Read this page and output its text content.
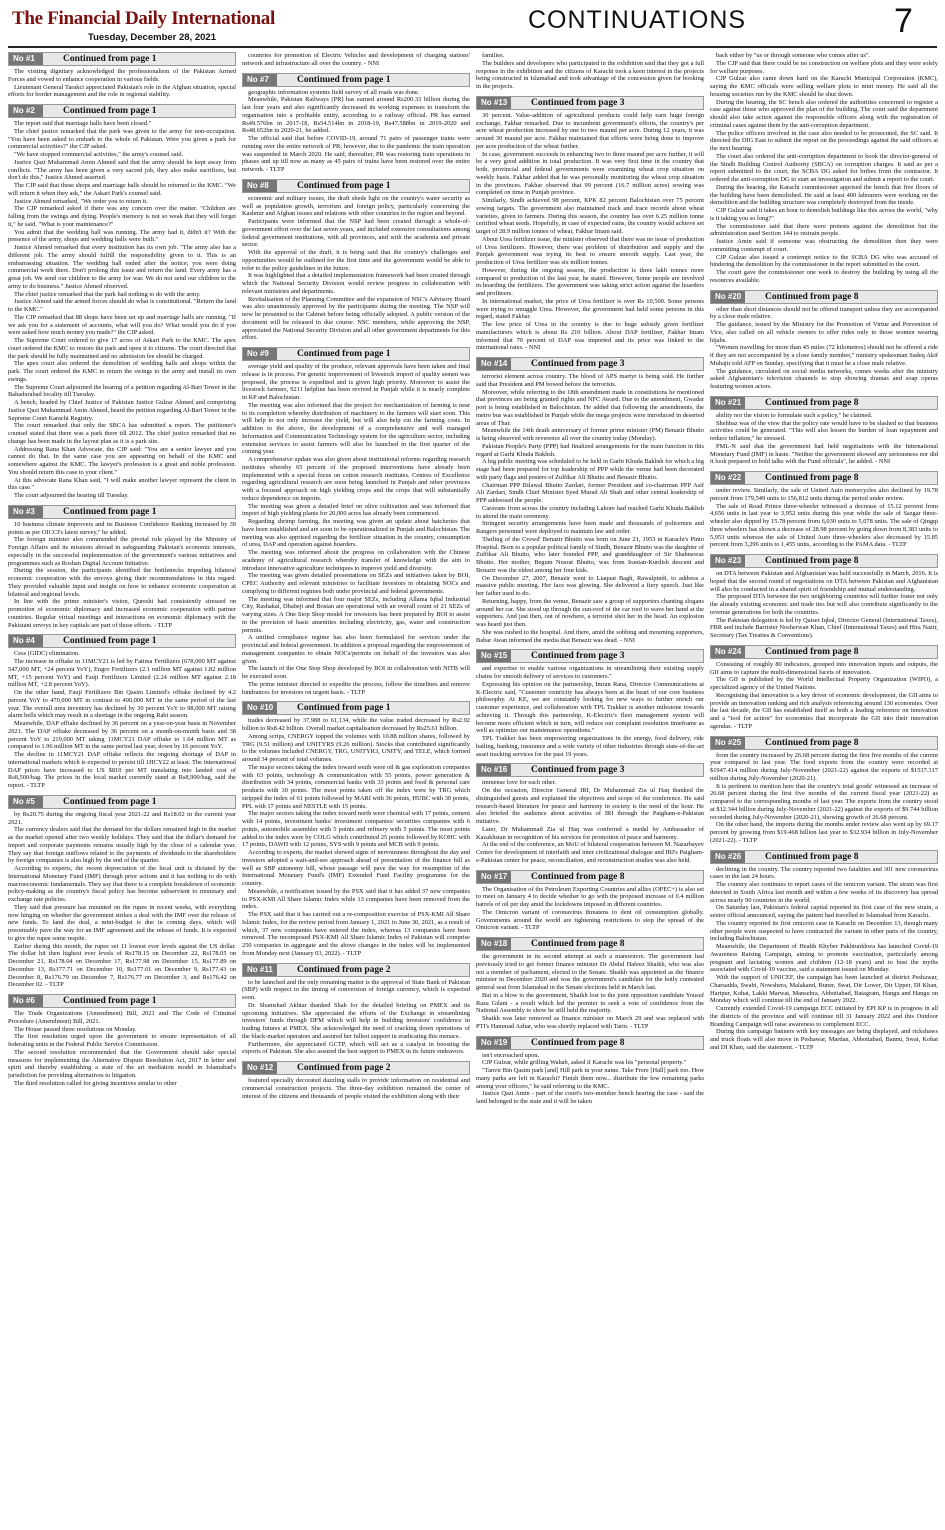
The Financial Daily International
Tuesday, December 28, 2021
CONTINUATIONS	7
No #1	Continued from page 1

The visiting dignitary acknowledged the professionalism of the Pakistan Armed Forces and vowed to enhance cooperation in various fields.

Lieutenant General Tarakci appreciated Pakistan's role in the Afghan situation, special efforts for border management and the role in regional stability.

No #2	Continued from page 1

The report said that marriage halls have been closed."

The chief justice remarked that the park was given to the army for non-occupation. "You have been asked to embark to the whole of Pakistan. Were you given a park for commercial activities?" the CJP asked.

"We have stopped commercial activities," the army's counsel said.

Justice Qazi Muhammad Amin Ahmed said that the army should be kept away from conflicts. "The army has been given a very sacred job, they also make sacrifices, but don't do this," Justice Ahmed asserted.

The CJP said that these shops and marriage halls should be returned to the KMC. "We will return it when they ask," the Askari Park's counsel said.

Justice Ahmed remarked, "We order you to return it.

The CJP remarked asked if there was any concern over the matter. "Children are falling from the swings and dying. People's memory is not so weak that they will forget it," he said. "What is your maintenance?"

You admit that the wedding hall was running. The army had it, didn't it? With the presence of the army, shops and wedding halls were built."

Justice Ahmed remarked that every institution has its own job. "The army also has a different job. The army should fulfill the responsibility given to it. This is an embarrassing situation. The wedding hall ended after the notice; you were doing commercial work there. Don't prolong this issue and return the land. Every army has a great job. We send our children to the army for war. We do not send our children to the army to do business." Justice Ahmed observed.

The chief justice remarked that the park had nothing to do with the army.

Justice Ahmed said the armed forces should do what is constitutional. "Return the land to the KMC."

The CJP remarked that 88 shops have been set up and marriage halls are running. "If we ask you for a statement of accounts, what will you do? What would you do if you were asked how much money you made?" the CJP asked.

The Supreme Court ordered to give 17 acres of Askari Park to the KMC. The apex court ordered the KMC to restore the park and open it to citizens. The court directed that the park should be fully maintained and no admission fee should be charged.

The apex court also ordered the demolition of wedding halls and shops within the park. The court ordered the KMC to return the swings to the army and install its own swings.

The Supreme Court adjourned the hearing of a petition regarding Al-Bari Tower in the Bahadurabad locality till Tuesday.

A bench, headed by Chief Justice of Pakistan Justice Gulzar Ahmed and comprising Justice Qazi Muhammad Amin Ahmed, heard the petition regarding Al-Bari Tower in the Supreme Court Karachi Registry.

The court remarked that only the SBCA has submitted a report. The petitioner's counsel stated that there was a park there till 2012. The chief justice remarked that no change has been made in the layout plan as it is a park site.

Addressing Rana Khan Advocate, the CJP said: "You are a senior lawyer and you cannot do that. In the same case you are appearing on behalf of the KMC and somewhere against the KMC. The lawyer's profession is a great and noble profession. You should return this case to your client."

At this advocate Rana Khan said, "I will make another lawyer represent the client in this case."

The court adjourned the hearing till Tuesday.

No #3	Continued from page 1

10 business climate improvers and its Business Confidence Ranking increased by 39 points as per OICCI's latest survey," he added.

The foreign minister also commended the pivotal role played by the Ministry of Foreign Affairs and its missions abroad in safeguarding Pakistan's economic interests, especially in the successful implementation of the government's various initiatives and programmes such as Roshan Digital Account Initiative.

During the session, the participants identified the bottlenecks impeding bilateral economic cooperation with the envoys giving their recommendations in this regard. They provided valuable input and insight on how to enhance economic cooperation at bilateral and regional levels.

In line with the prime minister's vision, Qureshi had consistently stressed on promotion of economic diplomacy and increased economic cooperation with partner countries. Regular virtual meetings and interactions on economic diplomacy with the Pakistani envoys in key capitals are part of those efforts. - TLTP

No #4	Continued from page 1

Cess (GIDC) elimination.

The increase in offtake in 11MCY21 is led by Fatima Fertilizers (678,000 MT against 547,000 MT, +24 percent YoY), Engro Fertilizers (2.1 million MT against 1.82 million MT, +15 percent YoY) and Fauji Fertilizers Limited (2.24 million MT against 2.18 million MT, +2.8 percent YoY).

On the other hand, Fauji Fertilizers Bin Qasim Limited's offtake declined by 4.2 percent YoY to 470,000 MT in contrast to 490,000 MT in the same period of the last year. The overall urea inventory has declined by 30 percent YoY to 98,000 MT raising alarm bells which may result in a shortage in the ongoing Rabi season.

Meanwhile, DAP offtake declined by 36 percent on a year-on-year basis in November 2021. The DAP offtake decreased by 36 percent on a month-on-month basis and 38 percent YoY to 219,000 MT taking 11MCY21 DAP offtake to 1.64 million MT as compared to 1.96 million MT in the same period last year, down by 16 percent YoY.

The decline in 11MCY21 DAP offtake reflects the ongoing shortage of DAP in international markets which is expected to persist till 1HCY22 at least. The international DAP prices have increased to US $810 per MT translating into landed cost of Rs8,500/bag. The prices in the local market currently stand at Rs8,900/bag, said the report. - TLTP

No #5	Continued from page 1

by Rs20.75 during the ongoing fiscal year 2021-22 and Rs18.02 in the current year 2021.

The currency dealers said that the demand for the dollars remained high in the market as the market opened after two weekly holidays. They said that the dollar's demand for import and corporate payments remains usually high by the close of a calendar year. They say that foreign outflows related to the payments of dividends to the shareholders by foreign companies is also high by the end of the quarter.

According to experts, the recent depreciation of the local unit is dictated by the International Monetary Fund (IMF) through prior actions and it has nothing to do with macroeconomic fundamentals. They say that there is a complete breakdown of economic policy-making as the country's fiscal policy has become subservient to monetary and exchange rate policies.

They said that pressure has mounted on the rupee in recent weeks, with everything now hinging on whether the government strikes a deal with the IMF over the release of new funds. To land the deal, a mini-budget is due in coming days, which will presumably pave the way for an IMF agreement and the release of funds. It is expected to give the rupee some respite.

Earlier during this month, the rupee set 11 lowest ever levels against the US dollar. The dollar hit then highest ever levels of Rs178.15 on December 22, Rs178.05 on December 21, Rs178.04 on December 17, Rs177.98 on December 15, Rs177.89 on December 13, Rs177.71 on December 10, Rs177.61 on December 9, Rs177.43 on December 8, Rs176.79 on December 7, Rs176.77 on December 3, and Rs176.42 on December 02. - TLTP

No #6	Continued from page 1

The Trade Organizations (Amendment) Bill, 2021 and The Code of Criminal Procedure (Amendment) Bill, 2021.

The House passed three resolutions on Monday.

The first resolution urged upon the government to ensure representation of all federating units in the Federal Public Service Commission.

The second resolution recommended that the Government should take special measures for implementing the Alternative Dispute Resolution Act, 2017 in letter and spirit and thereby establishing a state of the art mediation model in Islamabad's jurisdiction for providing alternatives to litigation.

The third resolution called for giving incentives similar to other

countries for promotion of Electric Vehicles and development of charging stations' network and infrastructure all over the country. - NNI

No #7	Continued from page 1

geographic information systems field survey of all roads was done.

Meanwhile, Pakistan Railways (PR) has earned around Rs200.33 billion during the last four years and also significantly decreased its working expenses to transform the organisation into a profitable entity, according to a railway official. PR has earned Rs49.576bn in 2017-18, Rs54.514bn in 2018-19, Rs47.588bn in 2019-2020 and Rs48.652bn in 2020-21, he added.

The official said that before COVID-19, around 71 pairs of passenger trains were running over the entire network of PR; however, due to the pandemic the train operation was suspended in March 2020. He said, thereafter, PR was restoring train operations in phases and up till now as many as 45 pairs of trains have been restored over the entire network. - TLTP

No #8	Continued from page 1

economic and military issues, the draft sheds light on the country's water security as well as population growth, terrorism and foreign policy, particularly concerning the Kashmir and Afghan issues and relations with other countries in the region and beyond.

Participants were informed that the NSP had been created through a whole-of-government effort over the last seven years, and included extensive consultations among federal government institutions, with all provinces, and with the academia and private sector.

With the approval of the draft, it is being said that the country's challenges and opportunities would be outlined for the first time and the government would be able to refer to the policy guidelines in the future.

It was highlighted that a detailed implementation framework had been created through which the National Security Division would review progress in collaboration with relevant ministries and departments.

Revitalisation of the Planning Committee and the expansion of NSC's Advisory Board was also unanimously approved by the participants during the meeting. The NSP will now be presented to the Cabinet before being officially adopted. A public version of the document will be released in due course. NSC members, while approving the NSP, appreciated the National Security Division and all other government departments for this effort.

No #9	Continued from page 1

average yield and quality of the produce, relevant approvals have been taken and final release is in process. For genetic improvement of livestock import of quality semen was proposed, the process is expedited and is given high priority. Moreover to assist the livestock farmers, 9211 helpline has been revived in Punjab while it is nearly complete in KP and Balochistan.

The meeting was also informed that the project for mechanization of farming is near to its completion whereby distribution of machinery to the farmers will start soon. This will help to not only increase the yield, but will also help cut the farming costs. In addition to the above, the development of a comprehensive and well managed Information and Communication Technology system for the agriculture sector, including extension services to assist farmers will also be launched in the first quarter of the coming year.

A comprehensive update was also given about institutional reforms regarding research institutes whereby 65 percent of the proposed interventions have already been implemented with a special focus on cotton research institutes. Centres of Excellence regarding agricultural research are soon being launched in Punjab and other provinces with a focused approach on high yielding crops and the crops that will substantially reduce dependence on imports.

The meeting was given a detailed brief on olive cultivation and was informed that import of high yielding plants for 20,000 acres has already been commenced.

Regarding shrimp farming, the meeting was given an update about hatcheries that have been established and are soon to be operationalized in Punjab and Balochistan. The meeting was also apprised regarding the fertilizer situation in the country, consumption of urea, DAP and operation against hoarders.

The meeting was informed about the progress on collaboration with the Chinese academy of agricultural research whereby transfer of knowledge with the aim to introduce innovative agriculture techniques to improve yield and diversity.

The meeting was given detailed presentations on SEZs and initiatives taken by BOI, CPEC Authority and relevant ministries to facilitate investors in obtaining NOCs and complying to different regimes both under provincial and federal governments.

The meeting was informed that four major SEZs, including Allama Iqbal Industrial City, Rashakai, Dhabeji and Bostan are operational with an overall count of 21 SEZs of varying sizes. A One Stop Shop model for investors has been prepared by BOI to assist in the provision of basic amenities including electricity, gas, water and construction permits.

A unified compliance regime has also been formulated for services under the provincial and federal government. In addition a proposal regarding the empowerment of management companies to obtain NOCs/permits on behalf of the investors was also given.

The launch of the One Stop Shop developed by BOI in collaboration with NITB will be executed soon.

The prime minister directed to expedite the process, follow the timelines and remove hindrances for investors on urgent basis. - TLTP

No #10	Continued from page 1

trades decreased by 37,988 to 61,134, while the value traded decreased by Rs2.92 billion to Rs8.42 billion. Overall market capitalisation decreased by Rs25.61 billion.

Among scrips, CNERGY topped the volumes with 10.88 million shares, followed by TRG (9.51 million) and UNITYRS (9.26 million). Stocks that contributed significantly to the volumes included CNERGY, TRG, UNITYR3, UNITY, and TELE, which formed around 34 percent of total volumes.

The major sectors taking the index toward south were oil & gas exploration companies with 63 points, technology & communication with 55 points, power generation & distribution with 34 points, commercial banks with 33 points and food & personal care products with 30 points. The most points taken off the index were by TRG which stripped the index of 61 points followed by MARI with 36 points, HUBC with 30 points, PPL with 17 points and NESTLE with 15 points.

The major sectors taking the index toward north were chemical with 17 points, cement with 14 points, investment banks/ investment companies/ securities companies with 6 points, automobile assembler with 5 points and refinery with 5 points. The most points added to the index were by COLG which contributed 25 points followed by KOHC with 17 points, DAWH with 12 points, SYS with 9 points and MCB with 9 points.

According to experts, the market showed signs of nervousness throughout the day and investors adopted a wait-and-see approach ahead of presentation of the finance bill as well as SBP autonomy bill, whose passage will pave the way for resumption of the International Monetary Fund's (IMF) Extended Fund Facility programme for the country.

Meanwhile, a notification issued by the PSX said that it has added 37 new companies to PSX-KMI All Share Islamic Index while 13 companies have been removed from the index.

The PSX said that it has carried out a re-composition exercise of PSX-KMI All Share Islamic Index, for the review period from January 1, 2021 to June 30, 2021, as a result of which, 37 new companies have entered the index, whereas 13 companies have been removed. The recomposed PSX-KMI All Share Islamic Index of Pakistan will comprise 250 companies in aggregate and the above changes in the index will be implemented from Monday next (January 03, 2022). - TLTP

No #11	Continued from page 2

to be launched and the only remaining matter is the approval of State Bank of Pakistan (SBP) with respect to the timing of conversion of foreign currency, which is expected soon.

Dr. Shamshad Akhtar thanked Shah for the detailed briefing on PMEX and its upcoming initiatives. She appreciated the efforts of the Exchange in streamlining investors' funds through DFM which will help in building investors' confidence in trading futures at PMEX. She acknowledged the need of cracking down operations of the black-market operators and assured her fullest support in eradicating this menace.

Furthermore, she appreciated GCTP, which will act as a catalyst in boosting the exports of Pakistan. She also assured the best support to PMEX in its future endeavors.

No #12	Continued from page 2

featured specially decorated dazzling stalls to provide information on residential and commercial construction projects. The three-day exhibition remained the center of interest of the citizens and thousands of people visited the exhibition along with their

families.

The builders and developers who participated in the exhibition said that they got a full response in the exhibition and the citizens of Karachi took a keen interest in the projects being constructed in Islamabad and took advantage of the concession given for booking in the projects.

No #13	Continued from page 3

30 percent. Value-addition of agricultural products could help earn huge foreign exchange, Fakhar remarked. Due to incumbent government's efforts, the country's per acre wheat production increased by one to two maund per acre. During 12 years, it was around 30 maund per acre. Fakhar maintained that efforts were being done to improve per acre production of the wheat further.

In case, government succeeds in enhancing two to three maund per acre further, it will be a very good addition in total production. It was very first time in the country that both, provincial and federal governments were examining wheat crop situation on weekly basis. Fakhar added that he was personally monitoring the wheat crop situation in the provinces. Fakhar observed that 99 percent (16.7 million acres) sowing was completed on time in Punjab province.

Similarly, Sindh achieved 98 percent, KPK 82 percent Balochistan over 75 percent sowing targets. The government also maintained track and trace records about wheat varieties, given to farmers. During this season, the country has over 6.25 million tonne certified wheat seeds. Hopefully, in case of expected rains, the country would achieve set target of 28.9 million tonnes of wheat, Fakhar Imam said.

About Urea fertilizer issue, the minister observed that there was no issue of production of Urea fertilizers. However, there was problem of distribution and supply and the Punjab government was trying its best to ensure smooth supply. Last year, the production of Urea fertilizer was six million tonnes.

However, during the ongoing season, the production is three lakh tonnes more compared to production of the last year, he stated. However, Some people are involved in hoarding the fertilizers. The government was taking strict action against the hoarders and profiteers.

In international market, the price of Urea fertilizer is over Rs 10,500. Some persons were trying to smuggle Urea. However, the government had held some persons in this regard, stated Fakhar.

The low price of Urea in the country is due to huge subsidy given fertilizer manufacturers which is about Rs 210 billion. About DAP fertilizer, Fakhar Imam informed that 70 percent of DAP was imported and its price was linked to the international rates. - NNI

No #14	Continued from page 3

terrorist element across country. The blood of APS martyr is being sold. He further said that President and PM bowed before the terrorists.

Moreover, while referring to the 18th amendment made in constitutions he mentioned that provinces are being granted rights and NFC Award. Due to the amendment, Gwadar port is being established in Balochistan. He added that following the amendments, the metro bus was established in Punjab while the mega projects were introduced in deserted areas of Thar.

Meanwhile the 14th death anniversary of former prime minister (PM) Benazir Bhutto is being observed with reverence all over the country today (Monday).

Pakistan People's Party (PPP) had finalized arrangements for the main function in this regard at Garhi Khuda Bakhsh.

A big public meeting was scheduled to be held in Garhi Khuda Bakhsh for which a big stage had been prepared for top leadership of PPP while the venue had been decorated with party flags and posters of Zulfikar Ali Bhutto and Benazir Bhutto.

Chairman PPP Bilawal Bhutto Zardari, former President and co-chairman PPP Asif Ali Zardari, Sindh Chief Minister Syed Murad Ali Shah and other central leadership of PPP addressed the people.

Caravans from across the country including Lahore had reached Garhi Khuda Bakhsh to attend the main ceremony.

Stringent security arrangements have been made and thousands of policemen and Rangers personnel were deployed to maintain law and order.

'Darling of the Crowd' Benazir Bhutto was born on June 21, 1953 in Karachi's Pinto Hospital. Born to a popular political family of Sindh, Benazir Bhutto was the daughter of Zulfikar Ali Bhutto, who later founded PPP, and granddaughter of Sir Shahnawaz Bhutto. Her mother, Begum Nusrat Bhutto, was from Iranian-Kurdish descent and Benazir was the eldest among her four kids.

On December 27, 2007, Benazir went to Liaquat Bagh, Rawalpindi, to address a massive public meeting. Her face was glowing. She delivered a fiery speech. Just like her father used to do.

Returning, happy, from the venue, Benazir saw a group of supporters chanting slogans around her car. She stood up through the sun-roof of the car roof to wave her hand at the supporters. And just then, out of nowhere, a terrorist shot her in the head. An explosion was heard just then.

She was rushed to the hospital. And there, amid the sobbing and mourning supporters, Babar Awan informed the media that Benazir was dead. - NNI

No #15	Continued from page 3

and expertise to enable various organizations in streamlining their existing supply chains for smooth delivery of services to customers."

Expressing his opinion on the partnership, Imran Rana, Director Communications at K-Electric said, "Customer centricity has always been at the heart of our core business philosophy. At KE, we are constantly looking for new ways to further enrich our customer experience, and collaboration with TPL Trakker is another milestone towards achieving it. Through this partnership, K-Electric's fleet management system will become more efficient which in turn, will reduce our complaint resolution timeframe as well as optimize our maintenance operations."

TPL Trakker has been empowering organizations in the energy, food delivery, ride hailing, banking, insurance and a wide variety of other industries through state-of-the-art asset tracking services for the past 19 years.

No #16	Continued from page 3

immense love for each other.

On the occasion, Director General IRI, Dr Muhammad Zia ul Haq thanked the distinguished guests and explained the objectives and scope of the conference. He said research-based literature for peace and harmony in society is the need of the hour. He also briefed the audience about activities of IRI through the Paigham-e-Pakistan initiative.

Later, Dr Muhammad Zia ul Haq was conferred a medal by Ambassador of Kazakhstan in recognition of his services for promotion of peace and harmony.

At the end of the conference, an MoU of bilateral cooperation between M. Nazarbayev Centre for development of interfaith and inter civilizational dialogue and IRI's Paigham-e-Pakistan center for peace, reconciliation, and reconstruction studies was also held.

No #17	Continued from page 8

The Organisation of the Petroleum Exporting Countries and allies (OPEC+) is also set to meet on January 4 to decide whether to go with the proposed increase of 0.4 million barrels of oil per day amid the lockdowns imposed in different countries.

The Omicron variant of coronavirus threatens to dent oil consumption globally. Governments around the world are tightening restrictions to stop the spread of the Omicron variant. - TLTP

No #18	Continued from page 8

the government in its second attempt at such a manoeuvre. The government had previously tried to get former finance minister Dr Abdul Hafeez Shaikh, who was also not a member of parliament, elected to the Senate. Shaikh was appointed as the finance minister in December 2020 and was the government's candidate for the hotly contested general seat from Islamabad in the Senate elections held in March last.

But in a blow to the government, Shaikh lost to the joint opposition candidate Yousuf Raza Gilani - a result which led the premier to seek a vote of confidence from the National Assembly to show he still held the majority.

Shaikh was later removed as finance minister on March 29 and was replaced with PTI's Hammad Azhar, who was shortly replaced with Tarin. - TLTP

No #19	Continued from page 8

isn't encroached upon.

CJP Gulzar, while grilling Wahab, asked if Karachi was his "personal property."

"Tanvir Bin Qasim park [and] Hill park in your name. Take Frere [Hall] park too. How many parks are left in Karachi? Finish them now... distribute the few remaining parks among your officers," he said referring to the KMC.

Justice Qazi Amin - part of the court's two-member bench hearing the case - said the land belonged to the state and it will be taken

back either by "us or through someone who comes after us".

The CJP said that there could be no construction on welfare plots and they were solely for welfare purposes.

CJP Gulzar also came down hard on the Karachi Municipal Corporation (KMC), saying the KMC officials were selling welfare plots to mint money. He said all the housing societies run by the KMC should be shut down.

During the hearing, the SC bench also ordered the authorities concerned to register a case against those who approved the plan of the building. The court said the department should also take action against the responsible officers along with the registration of criminal cases against them by the anti-corruption department.

The police officers involved in the case also needed to be prosecuted, the SC said. It directed the DIG East to submit the report on the proceedings against the said officers at the next hearing.

The court also ordered the anti-corruption department to book the director-general of the Sindh Building Control Authority (SBCA) on corruption charges. It said as per a report submitted to the court, the SCBA DG asked for bribes from the contractor. It ordered the anti-corruption DG to start an investigation and submit a report to the court.

During the hearing, the Karachi commissioner apprised the bench that five floors of the building have been demolished. He said at least 400 labourers were working on the demolition and the building structure was completely destroyed from the inside.

CJP Gulzar said it takes an hour to demolish buildings like this across the world, "why is it taking you so long?"

The commissioner said that there were protests against the demolition but the administration used Section 144 to restrain people.

Justice Amin said if someone was obstructing the demolition then they were committing contempt of court.

CJP Gulzar also issued a contempt notice to the SCBA DG who was accused of hindering the demolition by the commissioner in the report submitted to the court.

The court gave the commissioner one week to destroy the building by using all the resources available.

No #20	Continued from page 8

other than short distances should not be offered transport unless they are accompanied by a close male relative.

The guidance, issued by the Ministry for the Promotion of Virtue and Prevention of Vice, also called on all vehicle owners to offer rides only to those women wearing hijabs.

"Women travelling for more than 45 miles (72 kilometres) should not be offered a ride if they are not accompanied by a close family member," ministry spokesman Sadeq Akif Muhajir told AFP on Sunday, specifying that it must be a close male relative.

The guidance, circulated on social media networks, comes weeks after the ministry asked Afghanistan's television channels to stop showing dramas and soap operas featuring women actors.

No #21	Continued from page 8

ability nor the vision to formulate such a policy," he claimed.

Shehbaz was of the view that the policy rate would have to be slashed so that business activities could be generated. "This will also lessen the burden of loan repayment and reduce inflation," he stressed.

PML-N said that the government had held negotiations with the International Monetary Fund (IMF) in haste. "Neither the government showed any seriousness nor did it look prepared to hold talks with the Fund officials", he added. - NNI

No #22	Continued from page 8

under review. Similarly, the sale of United Auto motorcycles also declined by 19.78 percent from 179,549 units to 156,812 units during the period under review.

The sale of Road Prince three-wheeler witnessed a decrease of 15.12 percent from 4,656 units in last year to 3,952 units during this year while the sale of Sazgar three-wheeler also dipped by 15.78 percent from 6,030 units to 5,078 units. The sale of Qingqi three wheelers has shown a decrease of 28.98 percent by going down from 8,383 units to 5,953 units whereas the sale of United Auto three-wheelers also decreased by 15.85 percent from 3,296 units to 1,455 units, according to the PAMA data. - TLTP

No #23	Continued from page 8

on DTA between Pakistan and Afghanistan was held successfully in March, 2016. It is hoped that the second round of negotiations on DTA between Pakistan and Afghanistan will also be conducted in a shared spirit of friendship and mutual understanding.

The proposed DTA between the two neighboring countries will further foster not only the already existing economic and trade ties but will also contribute significantly to the revenue generations for both the countries.

The Pakistan delegation is led by Qaiser Iqbal, Director General (International Taxes), FBR and include Barrister Nosherwan Khan, Chief (International Taxes) and Hira Nazir, Secretary (Tax Treaties & Conventions).

No #24	Continued from page 8

Consisting of roughly 80 indicators, grouped into innovation inputs and outputs, the GII aims to capture the multi-dimensional facets of innovation.

The GII is published by the World Intellectual Property Organization (WIPO), a specialized agency of the United Nations.

Recognising that innovation is a key driver of economic development, the GII aims to provide an innovation ranking and rich analysis referencing around 130 economies. Over the last decade, the GII has established itself as both a leading reference on innovation and a "tool for action" for economies that incorporate the GII into their innovation agendas. - TLTP

No #25	Continued from page 8

from the country increased by 26.68 percent during the first five months of the current year compared to last year. The food exports from the country were recorded at $1947.414 million during July-November (2021-22) against the exports of $1537.317 million during July-November (2020-21).

It is pertinent to mention here that the country's total goods' witnessed an increase of 26.68 percent during the first five months of the current fiscal year (2021-22) as compared to the corresponding months of last year. The exports from the country stood at $12.344 billion during July-November (2021-22) against the exports of $9.744 billion recorded during July-November (2020-21), showing growth of 26.68 percent.

On the other hand, the imports during the months under review also went up by 69.17 percent by growing from $19.468 billion last year to $32.934 billion in July-November (2021-22). - TLTP

No #26	Continued from page 8

declining in the country. The country reported two fatalities and 301 new coronavirus cases in the last 24 hours.

The country also continues to report cases of the omicron variant. The strain was first detected in South Africa last month and within a few weeks of its discovery has spread across nearly 90 countries in the world.

On Saturday last, Pakistan's federal capital reported its first case of the new strain, a senior official announced, saying the patient had travelled to Islamabad from Karachi.

The country reported its first omicron case in Karachi on December 13, though many other people were suspected to have contracted the variant in other parts of the country, including Balochistan.

Meanwhile, the Department of Health Khyber Pakhtunkhwa has launched Covid-19 Awareness Raising Campaign, aiming to promote vaccination, particularly among pregnant and lactating women and children (12-18 years) and to bust the myths associated with Covid-19 vaccine, said a statement issued on Monday.

With the support of UNICEF, the campaign has been launched at district Peshawar, Charsadda, Swabi, Nowshera, Malakand, Buner, Swat, Dir Lower, Dir Upper, DI Khan, Haripur, Kohat, Lakki Marwat, Mansehra, Abbottabad, Batagram, Hangu and Hangu on Monday which will continue till the end of January 2022.

Currently extended Covid-19 campaign ECC initiated by EPI KP is in progress in all the districts of the province and will continue till 31 January 2022 and this Outdoor Branding Campaign will raise awareness to complement ECC.

During this campaign banners with key messages are being displayed, and rickshaws and truck floats will also move in Peshawar, Mardan, Abbottabad, Bannu, Swat, Kohat and DI Khan, said the statement. - TLTP
